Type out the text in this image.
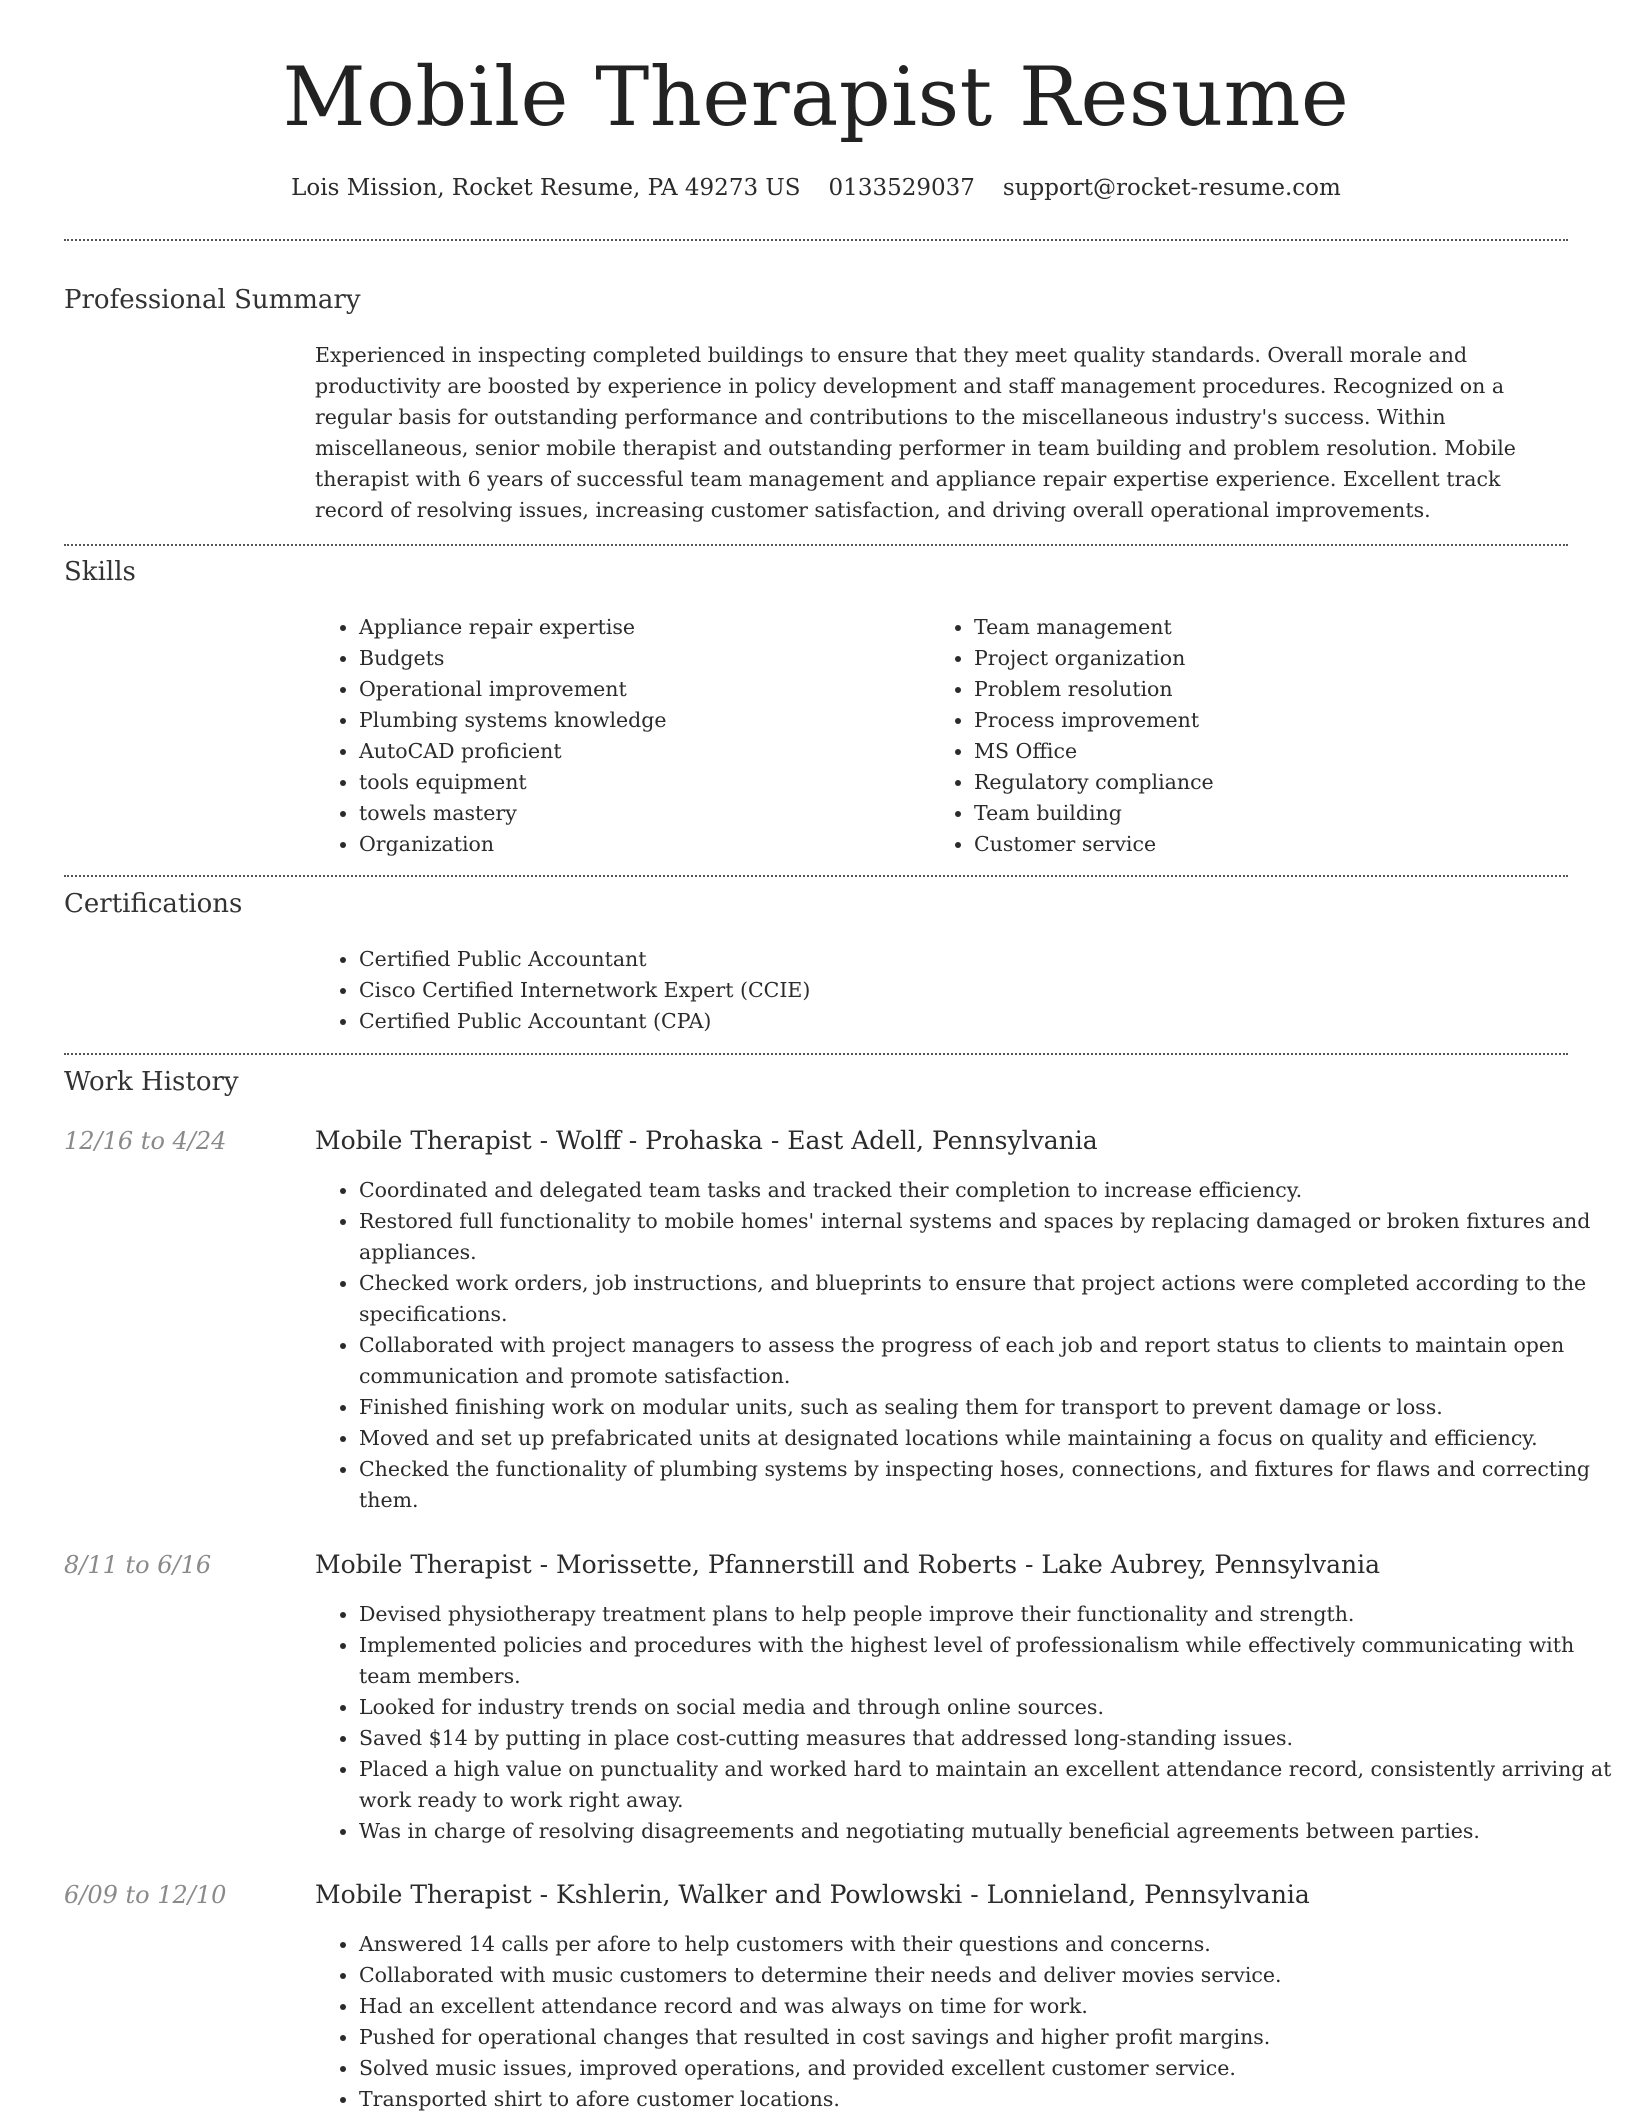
Mobile Therapist Resume
Lois Mission, Rocket Resume, PA 49273 US 0133529037 support@rocket-resume.com
Professional Summary

Experienced in inspecting completed buildings to ensure that they meet quality standards. Overall morale and productivity are boosted by experience in policy development and staff management procedures. Recognized on a regular basis for outstanding performance and contributions to the miscellaneous industry's success. Within miscellaneous, senior mobile therapist and outstanding performer in team building and problem resolution. Mobile therapist with 6 years of successful team management and appliance repair expertise experience. Excellent track record of resolving issues, increasing customer satisfaction, and driving overall operational improvements.

Skills
• Appliance repair expertise
• Budgets
• Operational improvement
• Plumbing systems knowledge
• AutoCAD proficient
• tools equipment
• towels mastery
• Organization
• Team management
• Project organization
• Problem resolution
• Process improvement
• MS Office
• Regulatory compliance
• Team building
• Customer service
Certifications
• Certified Public Accountant
• Cisco Certified Internetwork Expert (CCIE)
• Certified Public Accountant (CPA)
Work History
12/16 to 4/24	Mobile Therapist - Wolff - Prohaska - East Adell, Pennsylvania
• Coordinated and delegated team tasks and tracked their completion to increase efficiency.
• Restored full functionality to mobile homes' internal systems and spaces by replacing damaged or broken fixtures and appliances.
• Checked work orders, job instructions, and blueprints to ensure that project actions were completed according to the specifications.
• Collaborated with project managers to assess the progress of each job and report status to clients to maintain open communication and promote satisfaction.
• Finished finishing work on modular units, such as sealing them for transport to prevent damage or loss.
• Moved and set up prefabricated units at designated locations while maintaining a focus on quality and efficiency.
• Checked the functionality of plumbing systems by inspecting hoses, connections, and fixtures for flaws and correcting them.
8/11 to 6/16	Mobile Therapist - Morissette, Pfannerstill and Roberts - Lake Aubrey, Pennsylvania
• Devised physiotherapy treatment plans to help people improve their functionality and strength.
• Implemented policies and procedures with the highest level of professionalism while effectively communicating with team members.
• Looked for industry trends on social media and through online sources.
• Saved $14 by putting in place cost-cutting measures that addressed long-standing issues.
• Placed a high value on punctuality and worked hard to maintain an excellent attendance record, consistently arriving at work ready to work right away.
• Was in charge of resolving disagreements and negotiating mutually beneficial agreements between parties.
6/09 to 12/10	Mobile Therapist - Kshlerin, Walker and Powlowski - Lonnieland, Pennsylvania
• Answered 14 calls per afore to help customers with their questions and concerns.
• Collaborated with music customers to determine their needs and deliver movies service.
• Had an excellent attendance record and was always on time for work.
• Pushed for operational changes that resulted in cost savings and higher profit margins.
• Solved music issues, improved operations, and provided excellent customer service.
• Transported shirt to afore customer locations.
